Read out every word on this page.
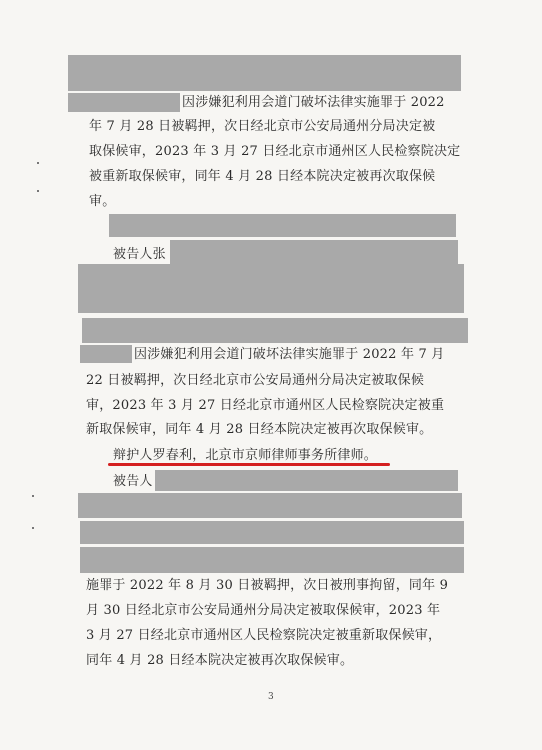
因涉嫌犯利用会道门破坏法律实施罪于 2022
年 7 月 28 日被羁押，次日经北京市公安局通州分局决定被
取保候审，2023 年 3 月 27 日经北京市通州区人民检察院决定
被重新取保候审，同年 4 月 28 日经本院决定被再次取保候
审。
被告人张
因涉嫌犯利用会道门破坏法律实施罪于 2022 年 7 月
22 日被羁押，次日经北京市公安局通州分局决定被取保候
审，2023 年 3 月 27 日经北京市通州区人民检察院决定被重
新取保候审，同年 4 月 28 日经本院决定被再次取保候审。
辩护人罗春利，北京市京师律师事务所律师。
被告人
施罪于 2022 年 8 月 30 日被羁押，次日被刑事拘留，同年 9
月 30 日经北京市公安局通州分局决定被取保候审，2023 年
3 月 27 日经北京市通州区人民检察院决定被重新取保候审，
同年 4 月 28 日经本院决定被再次取保候审。
3
